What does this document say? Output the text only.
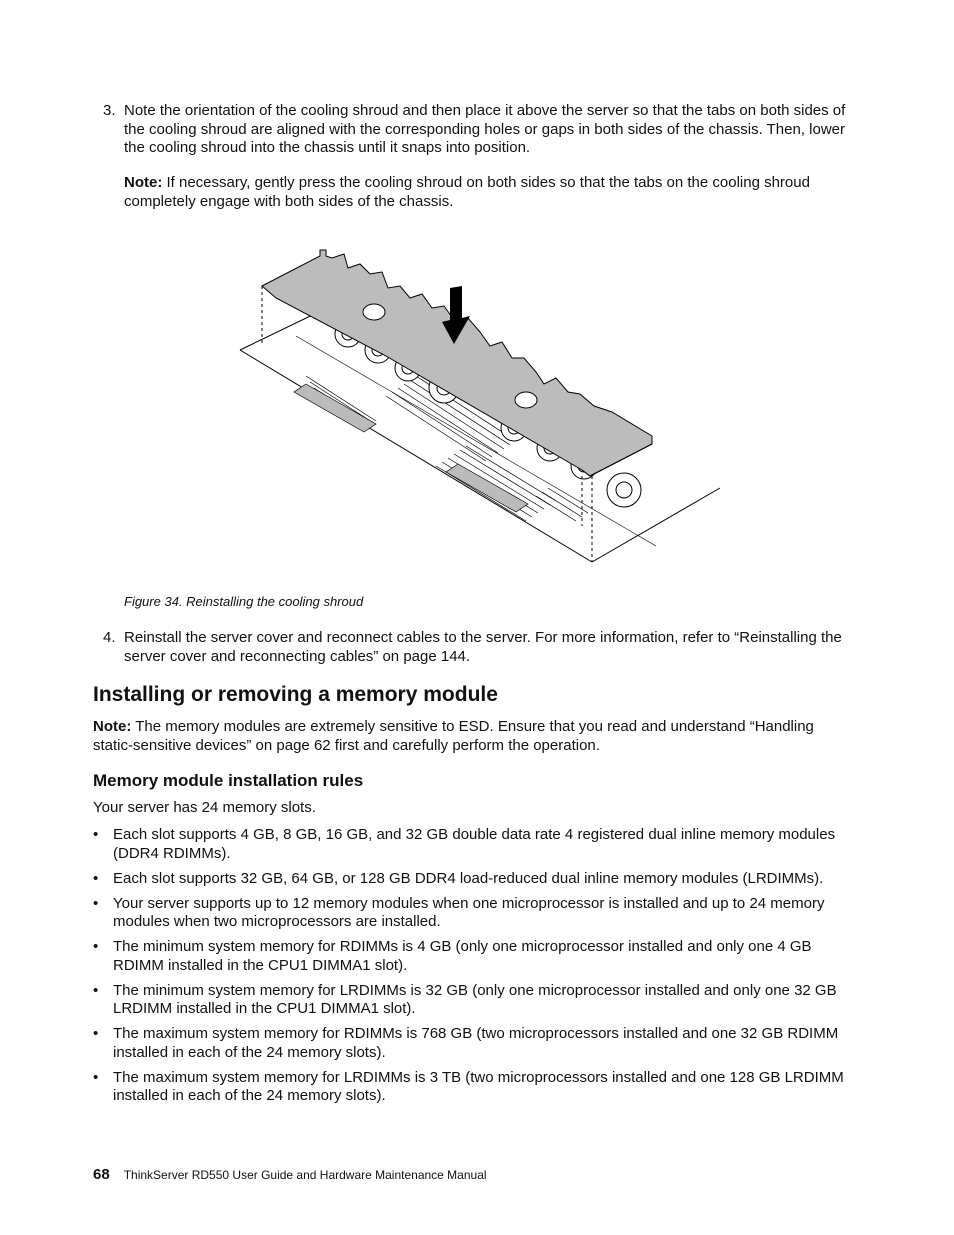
3. Note the orientation of the cooling shroud and then place it above the server so that the tabs on both sides of the cooling shroud are aligned with the corresponding holes or gaps in both sides of the chassis. Then, lower the cooling shroud into the chassis until it snaps into position.
Note: If necessary, gently press the cooling shroud on both sides so that the tabs on the cooling shroud completely engage with both sides of the chassis.
Figure 34. Reinstalling the cooling shroud
4. Reinstall the server cover and reconnect cables to the server. For more information, refer to “Reinstalling the server cover and reconnecting cables” on page 144.
Installing or removing a memory module
Note: The memory modules are extremely sensitive to ESD. Ensure that you read and understand “Handling static-sensitive devices” on page 62 first and carefully perform the operation.
Memory module installation rules
Your server has 24 memory slots.
• Each slot supports 4 GB, 8 GB, 16 GB, and 32 GB double data rate 4 registered dual inline memory modules (DDR4 RDIMMs).
• Each slot supports 32 GB, 64 GB, or 128 GB DDR4 load-reduced dual inline memory modules (LRDIMMs).
• Your server supports up to 12 memory modules when one microprocessor is installed and up to 24 memory modules when two microprocessors are installed.
• The minimum system memory for RDIMMs is 4 GB (only one microprocessor installed and only one 4 GB RDIMM installed in the CPU1 DIMMA1 slot).
• The minimum system memory for LRDIMMs is 32 GB (only one microprocessor installed and only one 32 GB LRDIMM installed in the CPU1 DIMMA1 slot).
• The maximum system memory for RDIMMs is 768 GB (two microprocessors installed and one 32 GB RDIMM installed in each of the 24 memory slots).
• The maximum system memory for LRDIMMs is 3 TB (two microprocessors installed and one 128 GB LRDIMM installed in each of the 24 memory slots).
68 ThinkServer RD550 User Guide and Hardware Maintenance Manual
